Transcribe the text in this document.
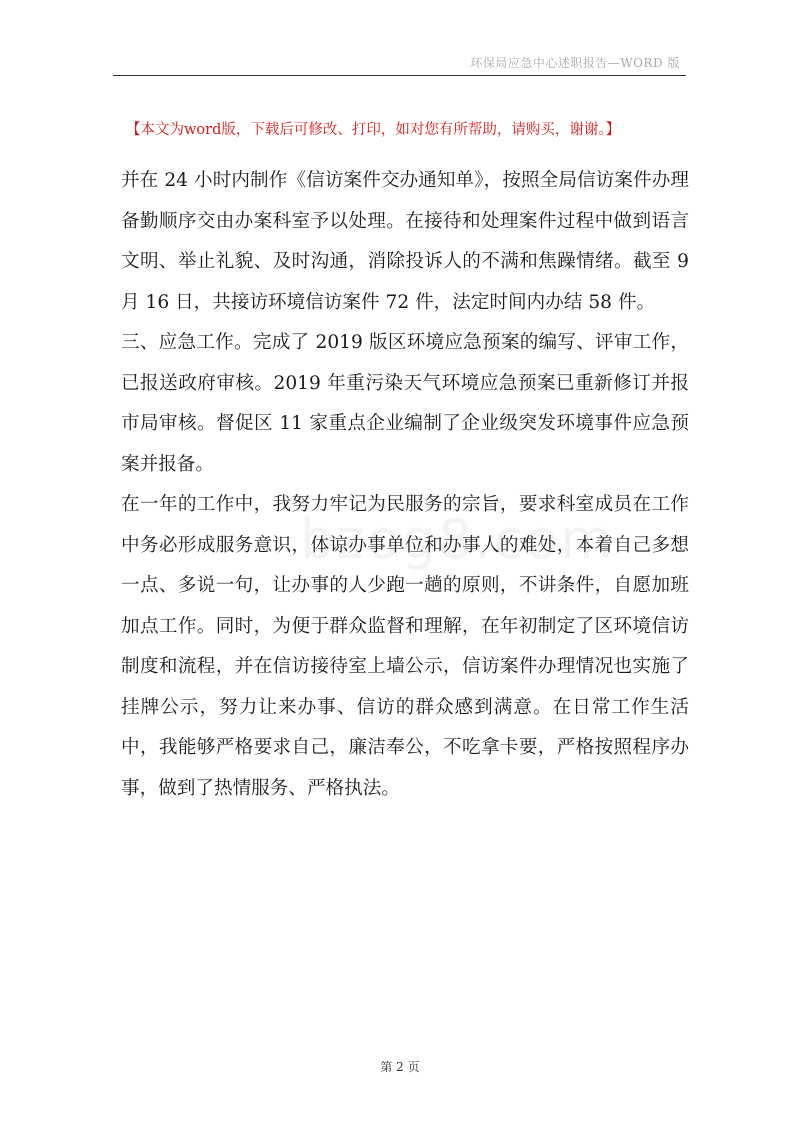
环保局应急中心述职报告—WORD 版
【本文为word版，下载后可修改、打印，如对您有所帮助，请购买，谢谢。】

并在 24 小时内制作《信访案件交办通知单》，按照全局信访案件办理备勤顺序交由办案科室予以处理。在接待和处理案件过程中做到语言文明、举止礼貌、及时沟通，消除投诉人的不满和焦躁情绪。截至 9 月 16 日，共接访环境信访案件 72 件，法定时间内办结 58 件。

三、应急工作。完成了 2019 版区环境应急预案的编写、评审工作，已报送政府审核。2019 年重污染天气环境应急预案已重新修订并报市局审核。督促区 11 家重点企业编制了企业级突发环境事件应急预案并报备。

在一年的工作中，我努力牢记为民服务的宗旨，要求科室成员在工作中务必形成服务意识，体谅办事单位和办事人的难处，本着自己多想一点、多说一句，让办事的人少跑一趟的原则，不讲条件，自愿加班加点工作。同时，为便于群众监督和理解，在年初制定了区环境信访制度和流程，并在信访接待室上墙公示，信访案件办理情况也实施了挂牌公示，努力让来办事、信访的群众感到满意。在日常工作生活中，我能够严格要求自己，廉洁奉公，不吃拿卡要，严格按照程序办事，做到了热情服务、严格执法。

第 2 页
